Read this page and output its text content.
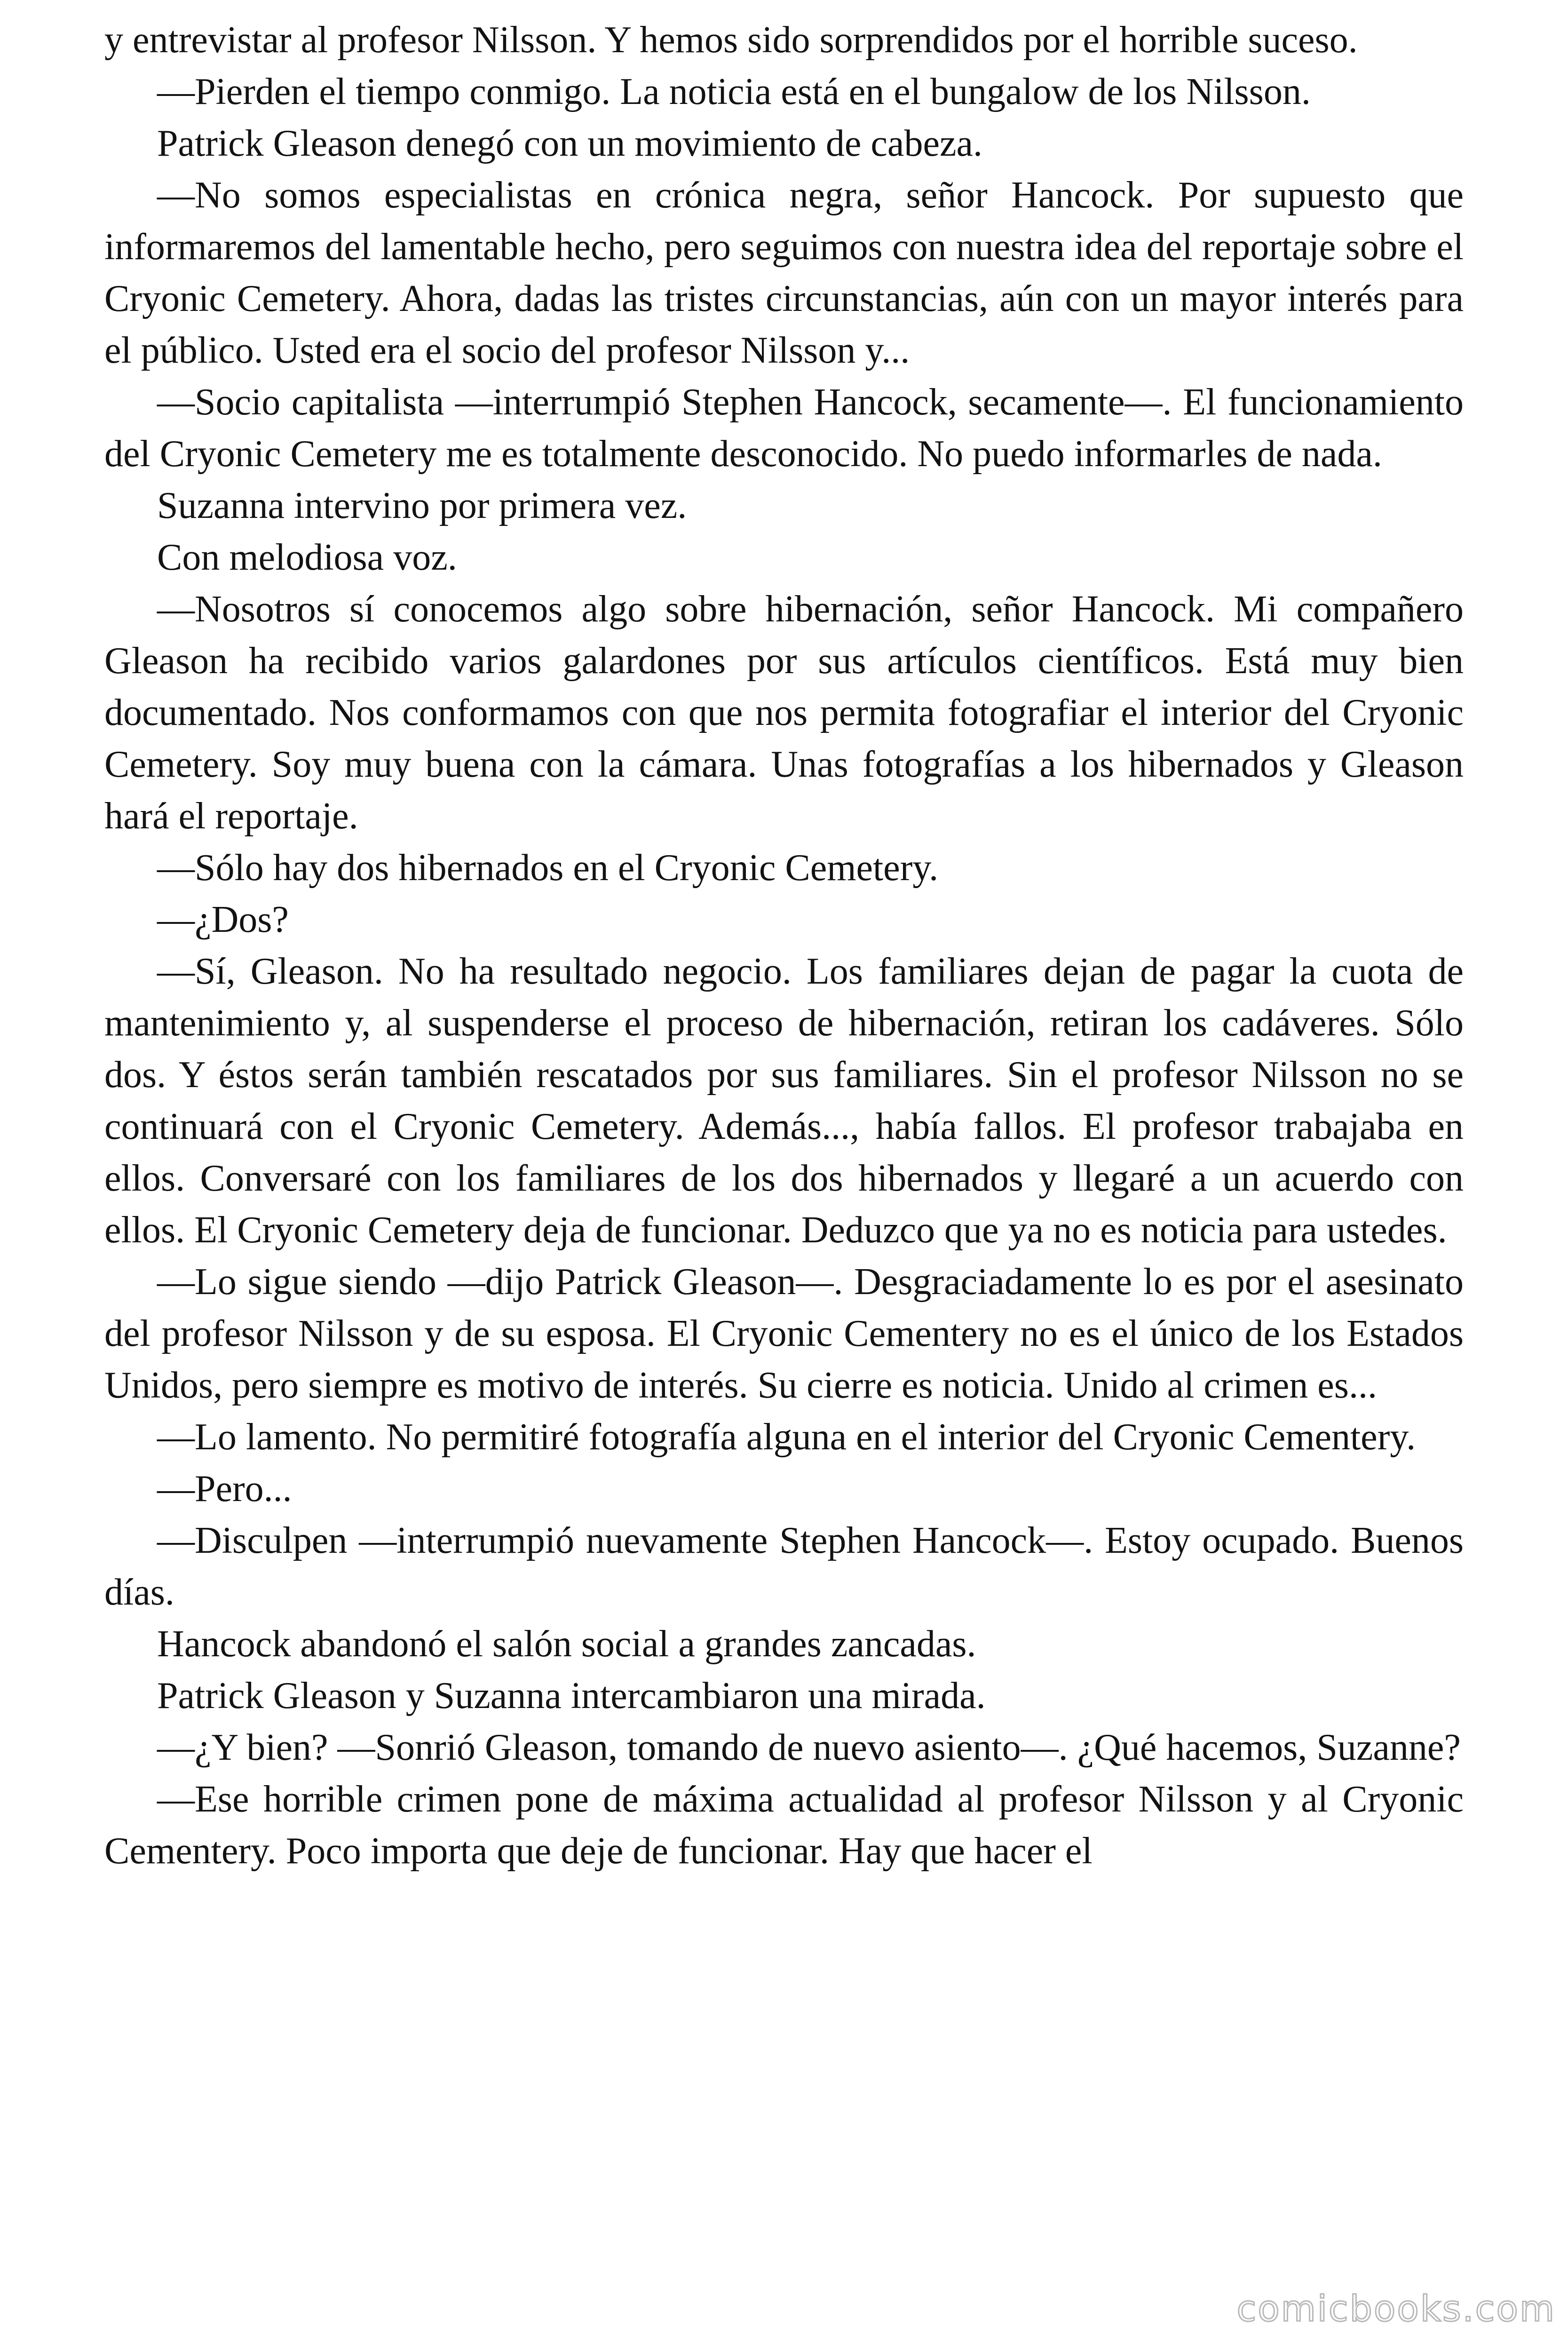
y entrevistar al profesor Nilsson. Y hemos sido sorprendidos por el horrible suceso.

—Pierden el tiempo conmigo. La noticia está en el bungalow de los Nilsson.

Patrick Gleason denegó con un movimiento de cabeza.

—No somos especialistas en crónica negra, señor Hancock. Por supuesto que informaremos del lamentable hecho, pero seguimos con nuestra idea del reportaje sobre el Cryonic Cemetery. Ahora, dadas las tristes circunstancias, aún con un mayor interés para el público. Usted era el socio del profesor Nilsson y...

—Socio capitalista —interrumpió Stephen Hancock, secamente—. El funcionamiento del Cryonic Cemetery me es totalmente desconocido. No puedo informarles de nada.

Suzanna intervino por primera vez.

Con melodiosa voz.

—Nosotros sí conocemos algo sobre hibernación, señor Hancock. Mi compañero Gleason ha recibido varios galardones por sus artículos científicos. Está muy bien documentado. Nos conformamos con que nos permita fotografiar el interior del Cryonic Cemetery. Soy muy buena con la cámara. Unas fotografías a los hibernados y Gleason hará el reportaje.

—Sólo hay dos hibernados en el Cryonic Cemetery.

—¿Dos?

—Sí, Gleason. No ha resultado negocio. Los familiares dejan de pagar la cuota de mantenimiento y, al suspenderse el proceso de hibernación, retiran los cadáveres. Sólo dos. Y éstos serán también rescatados por sus familiares. Sin el profesor Nilsson no se continuará con el Cryonic Cemetery. Además..., había fallos. El profesor trabajaba en ellos. Conversaré con los familiares de los dos hibernados y llegaré a un acuerdo con ellos. El Cryonic Cemetery deja de funcionar. Deduzco que ya no es noticia para ustedes.

—Lo sigue siendo —dijo Patrick Gleason—. Desgraciadamente lo es por el asesinato del profesor Nilsson y de su esposa. El Cryonic Cementery no es el único de los Estados Unidos, pero siempre es motivo de interés. Su cierre es noticia. Unido al crimen es...

—Lo lamento. No permitiré fotografía alguna en el interior del Cryonic Cementery.

—Pero...

—Disculpen —interrumpió nuevamente Stephen Hancock—. Estoy ocupado. Buenos días.

Hancock abandonó el salón social a grandes zancadas.

Patrick Gleason y Suzanna intercambiaron una mirada.

—¿Y bien? —Sonrió Gleason, tomando de nuevo asiento—. ¿Qué hacemos, Suzanne?

—Ese horrible crimen pone de máxima actualidad al profesor Nilsson y al Cryonic Cementery. Poco importa que deje de funcionar. Hay que hacer el

comicbooks.com
